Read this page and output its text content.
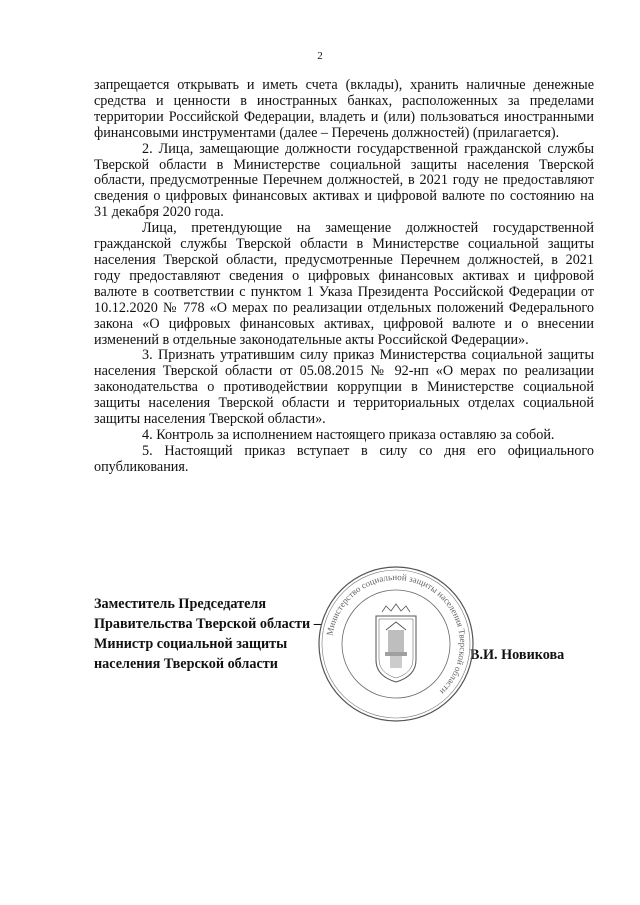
2

запрещается открывать и иметь счета (вклады), хранить наличные денежные средства и ценности в иностранных банках, расположенных за пределами территории Российской Федерации, владеть и (или) пользоваться иностранными финансовыми инструментами (далее – Перечень должностей) (прилагается).

2. Лица, замещающие должности государственной гражданской службы Тверской области в Министерстве социальной защиты населения Тверской области, предусмотренные Перечнем должностей, в 2021 году не предоставляют сведения о цифровых финансовых активах и цифровой валюте по состоянию на 31 декабря 2020 года.

Лица, претендующие на замещение должностей государственной гражданской службы Тверской области в Министерстве социальной защиты населения Тверской области, предусмотренные Перечнем должностей, в 2021 году предоставляют сведения о цифровых финансовых активах и цифровой валюте в соответствии с пунктом 1 Указа Президента Российской Федерации от 10.12.2020 № 778 «О мерах по реализации отдельных положений Федерального закона «О цифровых финансовых активах, цифровой валюте и о внесении изменений в отдельные законодательные акты Российской Федерации».

3. Признать утратившим силу приказ Министерства социальной защиты населения Тверской области от 05.08.2015 № 92-нп «О мерах по реализации законодательства о противодействии коррупции в Министерстве социальной защиты населения Тверской области и территориальных отделах социальной защиты населения Тверской области».

4. Контроль за исполнением настоящего приказа оставляю за собой.

5. Настоящий приказ вступает в силу со дня его официального опубликования.

Заместитель Председателя
Правительства Тверской области –
Министр социальной защиты
населения Тверской области
В.И. Новикова
Министерство социальной защиты населения Тверской области
